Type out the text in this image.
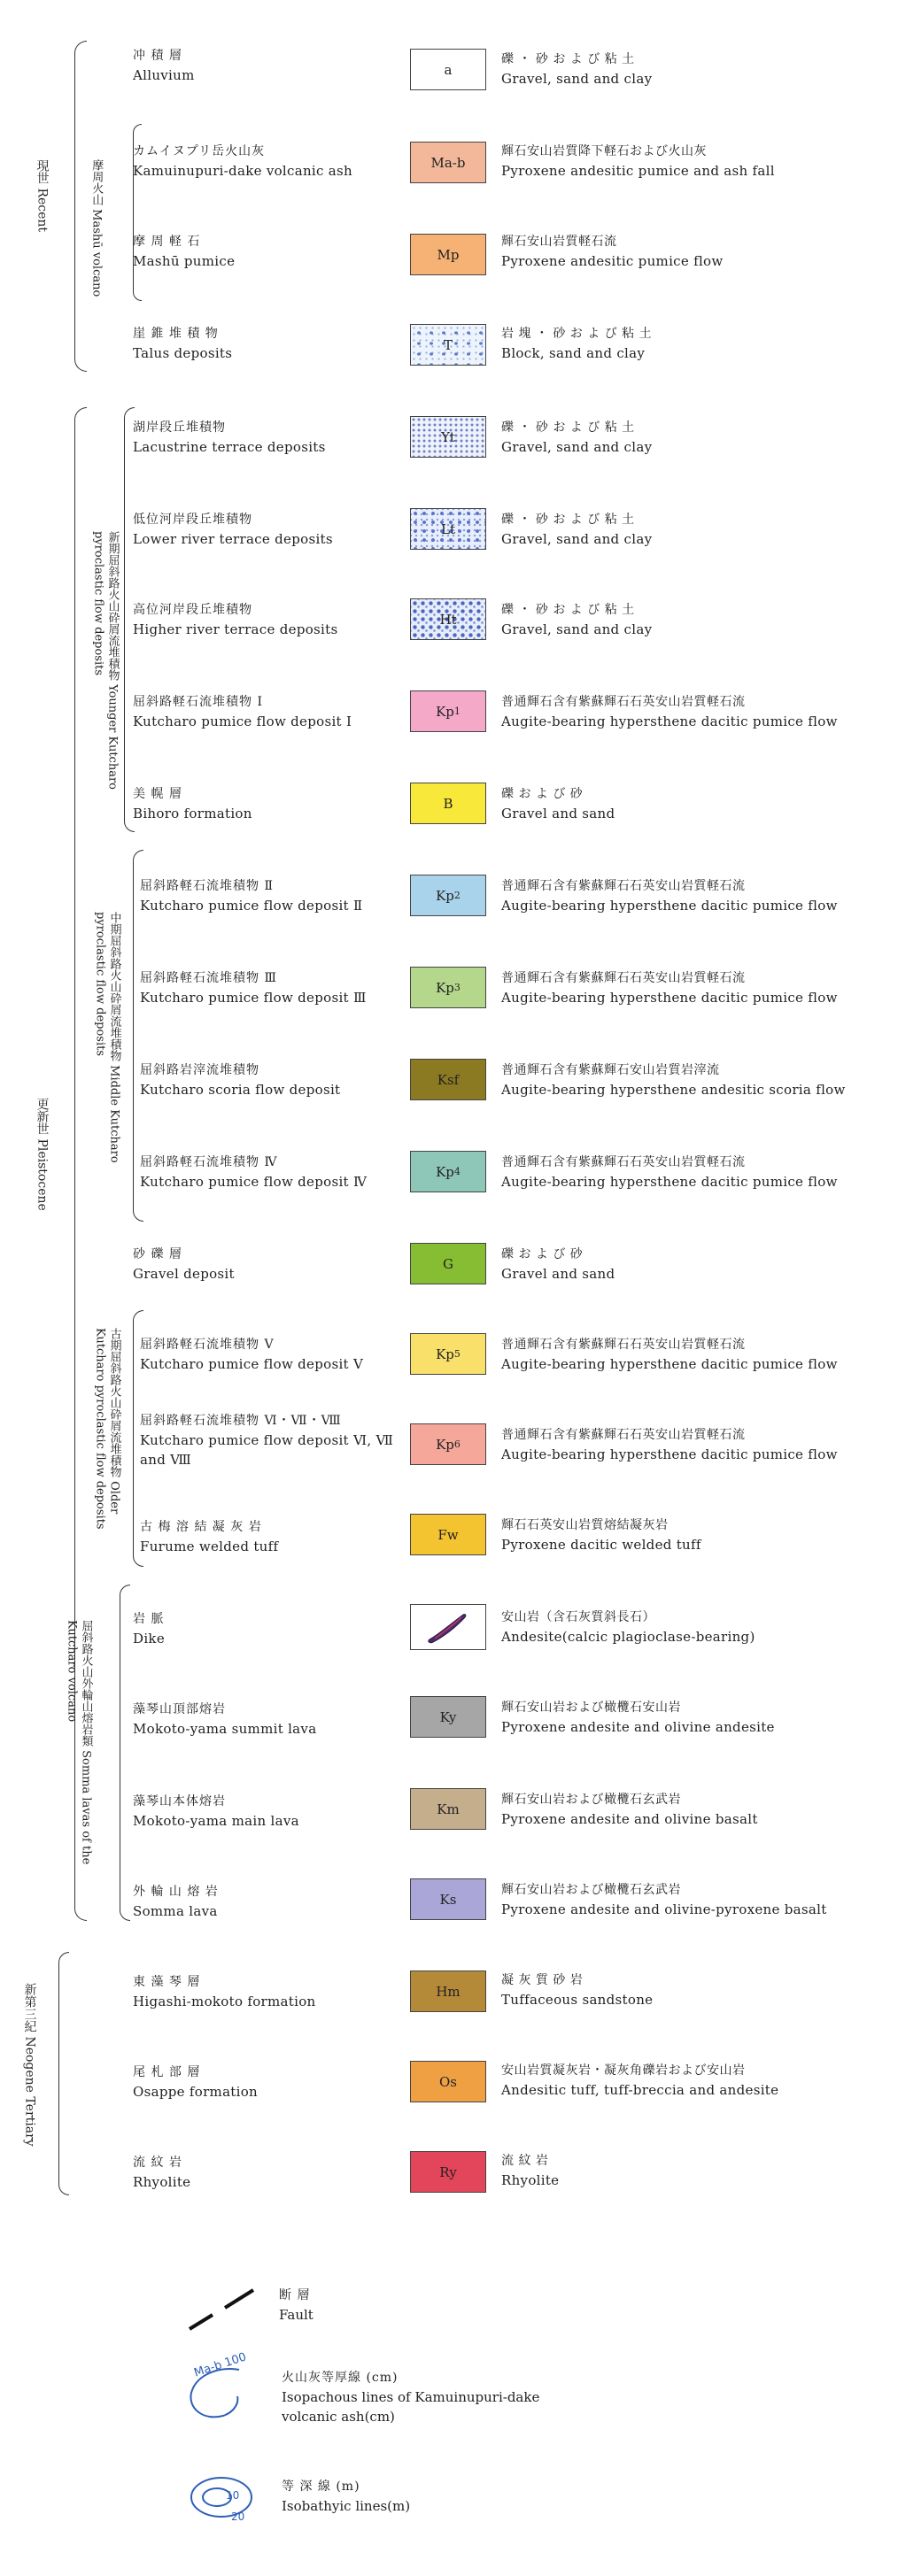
現世 Recent	摩周火山 Mashū volcano
更新世 Pleistocene
新期屈斜路火山砕屑流堆積物 Younger Kutcharo pyroclastic flow deposits
中期屈斜路火山砕屑流堆積物 Middle Kutcharo pyroclastic flow deposits
古期屈斜路火山砕屑流堆積物 Older Kutcharo pyroclastic flow deposits
屈斜路火山外輪山熔岩類 Somma lavas of the Kutcharo volcano
新第三紀 Neogene Tertiary
冲 積 層
Alluvium
カムイヌプリ岳火山灰
Kamuinupuri-dake volcanic ash
摩 周 軽 石
Mashū pumice
崖 錐 堆 積 物
Talus deposits
湖岸段丘堆積物
Lacustrine terrace deposits
低位河岸段丘堆積物
Lower river terrace deposits
高位河岸段丘堆積物
Higher river terrace deposits
屈斜路軽石流堆積物 Ⅰ
Kutcharo pumice flow deposit Ⅰ
美 幌 層
Bihoro formation
屈斜路軽石流堆積物 Ⅱ
Kutcharo pumice flow deposit Ⅱ
屈斜路軽石流堆積物 Ⅲ
Kutcharo pumice flow deposit Ⅲ
屈斜路岩滓流堆積物
Kutcharo scoria flow deposit
屈斜路軽石流堆積物 Ⅳ
Kutcharo pumice flow deposit Ⅳ
砂 礫 層
Gravel deposit
屈斜路軽石流堆積物 Ⅴ
Kutcharo pumice flow deposit Ⅴ
屈斜路軽石流堆積物 Ⅵ・Ⅶ・Ⅷ
Kutcharo pumice flow deposit Ⅵ, Ⅶ and Ⅷ
古 梅 溶 結 凝 灰 岩
Furume welded tuff
岩 脈
Dike
藻琴山頂部熔岩
Mokoto-yama summit lava
藻琴山本体熔岩
Mokoto-yama main lava
外 輪 山 熔 岩
Somma lava
東 藻 琴 層
Higashi-mokoto formation
尾 札 部 層
Osappe formation
流 紋 岩
Rhyolite
a
Ma-b
Mp
T
Yt
Lt
Ht
Kp 1
B
Kp 2
Kp 3
Ksf
Kp 4
G
Kp 5
Kp 6
Fw
Ky
Km
Ks
Hm
Os
Ry
礫 ・ 砂 お よ び 粘 土
Gravel, sand and clay
輝石安山岩質降下軽石および火山灰
Pyroxene andesitic pumice and ash fall
輝石安山岩質軽石流
Pyroxene andesitic pumice flow
岩 塊 ・ 砂 お よ び 粘 土
Block, sand and clay
礫 ・ 砂 お よ び 粘 土
Gravel, sand and clay
礫 ・ 砂 お よ び 粘 土
Gravel, sand and clay
礫 ・ 砂 お よ び 粘 土
Gravel, sand and clay
普通輝石含有紫蘇輝石石英安山岩質軽石流
Augite-bearing hypersthene dacitic pumice flow
礫 お よ び 砂
Gravel and sand
普通輝石含有紫蘇輝石石英安山岩質軽石流
Augite-bearing hypersthene dacitic pumice flow
普通輝石含有紫蘇輝石石英安山岩質軽石流
Augite-bearing hypersthene dacitic pumice flow
普通輝石含有紫蘇輝石安山岩質岩滓流
Augite-bearing hypersthene andesitic scoria flow
普通輝石含有紫蘇輝石石英安山岩質軽石流
Augite-bearing hypersthene dacitic pumice flow
礫 お よ び 砂
Gravel and sand
普通輝石含有紫蘇輝石石英安山岩質軽石流
Augite-bearing hypersthene dacitic pumice flow
普通輝石含有紫蘇輝石石英安山岩質軽石流
Augite-bearing hypersthene dacitic pumice flow
輝石石英安山岩質熔結凝灰岩
Pyroxene dacitic welded tuff
安山岩（含石灰質斜長石）
Andesite(calcic plagioclase-bearing)
輝石安山岩および橄欖石安山岩
Pyroxene andesite and olivine andesite
輝石安山岩および橄欖石玄武岩
Pyroxene andesite and olivine basalt
輝石安山岩および橄欖石玄武岩
Pyroxene andesite and olivine-pyroxene basalt
凝 灰 質 砂 岩
Tuffaceous sandstone
安山岩質凝灰岩・凝灰角礫岩および安山岩
Andesitic tuff, tuff-breccia and andesite
流 紋 岩
Rhyolite
断 層
Fault
Ma-b 100	火山灰等厚線 (cm)
Isopachous lines of Kamuinupuri-dake
volcanic ash(cm)
10
20
等 深 線 (m)
Isobathyic lines(m)
